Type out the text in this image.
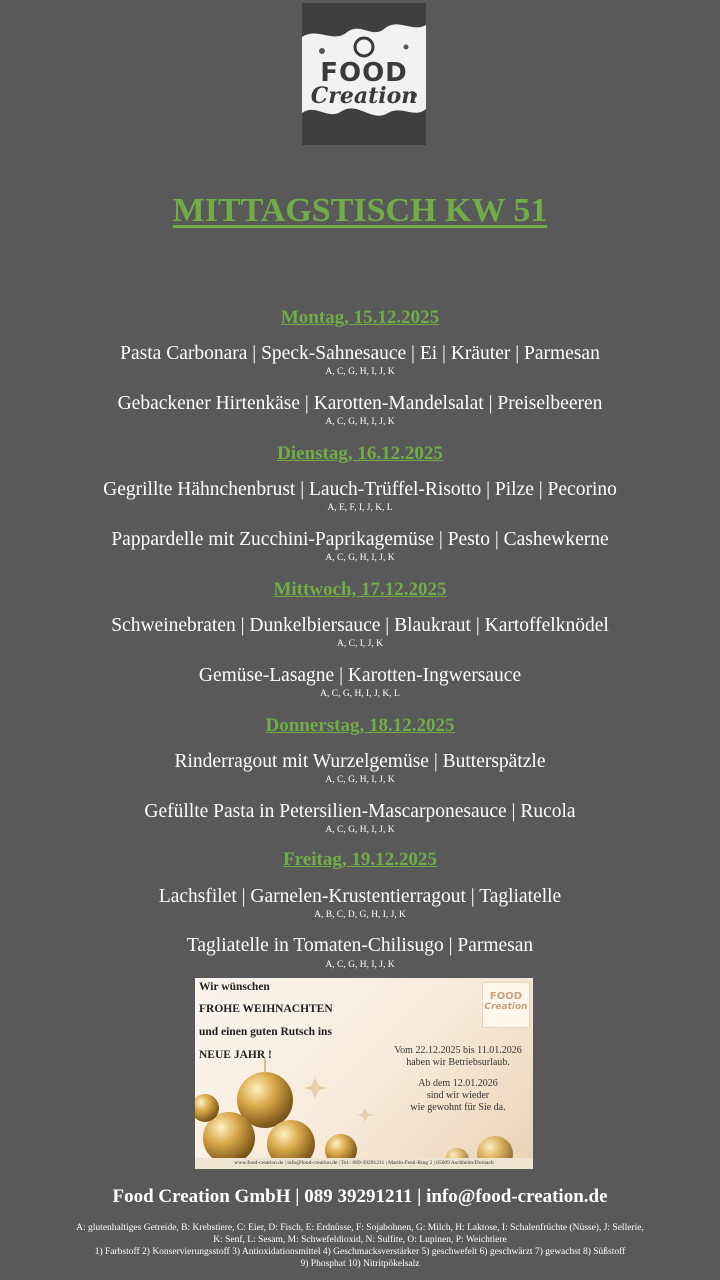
FOOD
Creation
MITTAGSTISCH KW 51
Montag, 15.12.2025
Pasta Carbonara | Speck-Sahnesauce | Ei | Kräuter | Parmesan
A, C, G, H, I, J, K
Gebackener Hirtenkäse | Karotten-Mandelsalat | Preiselbeeren
A, C, G, H, I, J, K
Dienstag, 16.12.2025
Gegrillte Hähnchenbrust | Lauch-Trüffel-Risotto | Pilze | Pecorino
A, E, F, I, J, K, L
Pappardelle mit Zucchini-Paprikagemüse | Pesto | Cashewkerne
A, C, G, H, I, J, K
Mittwoch, 17.12.2025
Schweinebraten | Dunkelbiersauce | Blaukraut | Kartoffelknödel
A, C, I, J, K
Gemüse-Lasagne | Karotten-Ingwersauce
A, C, G, H, I, J, K, L
Donnerstag, 18.12.2025
Rinderragout mit Wurzelgemüse | Butterspätzle
A, C, G, H, I, J, K
Gefüllte Pasta in Petersilien-Mascarponesauce | Rucola
A, C, G, H, I, J, K
Freitag, 19.12.2025
Lachsfilet | Garnelen-Krustentierragout | Tagliatelle
A, B, C, D, G, H, I, J, K
Tagliatelle in Tomaten-Chilisugo | Parmesan
A, C, G, H, I, J, K
FOOD
Creation
Wir wünschen
FROHE WEIHNACHTEN
und einen guten Rutsch ins
NEUE JAHR !	Vom 22.12.2025 bis 11.01.2026
haben wir Betriebsurlaub.
Ab dem 12.01.2026
sind wir wieder
wie gewohnt für Sie da.
www.food-creation.de | info@food-creation.de | Tel.: 089-39291211 | Martin-Festl-Ring 2 | 85609 Aschheim/Dornach
Food Creation GmbH | 089 39291211 | info@food-creation.de
A: glutenhaltiges Getreide, B: Krebstiere, C: Eier, D: Fisch, E: Erdnüsse, F: Sojabohnen, G: Milch, H: Laktose, I: Schalenfrüchte (Nüsse), J: Sellerie,
K: Senf, L: Sesam, M: Schwefeldioxid, N: Sulfite, O: Lupinen, P: Weichtiere
1) Farbstoff 2) Konservierungsstoff 3) Antioxidationsmittel 4) Geschmacksverstärker 5) geschwefelt 6) geschwärzt 7) gewachst 8) Süßstoff
9) Phosphat 10) Nitritpökelsalz
